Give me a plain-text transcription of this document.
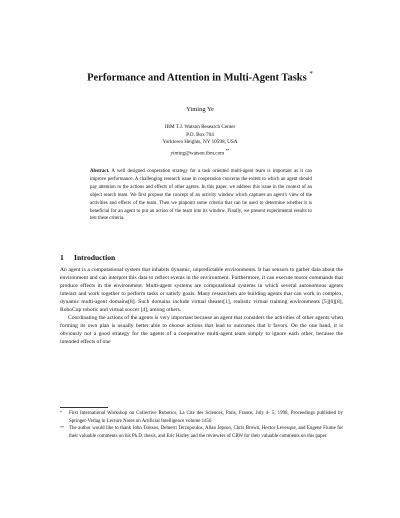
Performance and Attention in Multi-Agent Tasks *
Yiming Ye
IBM T.J. Watson Research Center
P.O. Box 704
Yorktown Heights, NY 10598, USA
yiming@watson.ibm.com **
Abstract. A well designed cooperation strategy for a task oriented multi-agent team is important as it can improve performance. A challenging research issue in cooperation concerns the extent to which an agent should pay attention to the actions and effects of other agents. In this paper, we address this issue in the context of an object search team. We first propose the concept of an activity window which captures an agent’s view of the activities and effects of the team. Then we pinpoint some criteria that can be used to determine whether it is beneficial for an agent to put an action of the team into its window. Finally, we present experimental results to test these criteria.
1 Introduction

An agent is a computational system that inhabits dynamic, unpredictable environments. It has sensors to gather data about the environment and can interpret this data to reflect events in the environment. Furthermore, it can execute motor commands that produce effects in the environment. Multi-agent systems are computational systems in which several autonomous agents interact and work together to perform tasks or satisfy goals. Many researchers are building agents that can work in complex, dynamic multi-agent domains[8]. Such domains include virtual theater[1], realistic virtual training environments [5][6][8], RoboCup robotic and virtual soccer [4], among others.

Coordinating the actions of the agents is very important because an agent that considers the activities of other agents when forming its own plan is usually better able to choose actions that lead to outcomes that it favors. On the one hand, it is obviously not a good strategy for the agents of a cooperative multi-agent team simply to ignore each other, because the intended effects of one

* First International Workshop on Collective Robotics, La Cite des Sciences, Paris, France, July 4- 5, 1998, Proceedings published by Springer-Verlag in Lecture Notes on Artificial Intelligence volume 1456

** The author would like to thank John Tsotsos, Demetri Terzopoulos, Allan Jepson, Chris Brown, Hector Levesque, and Eugene Fiume for their valuable comments on his Ph.D. thesis, and Eric Harley and the reviewers of CRW for their valuable comments on this paper.
